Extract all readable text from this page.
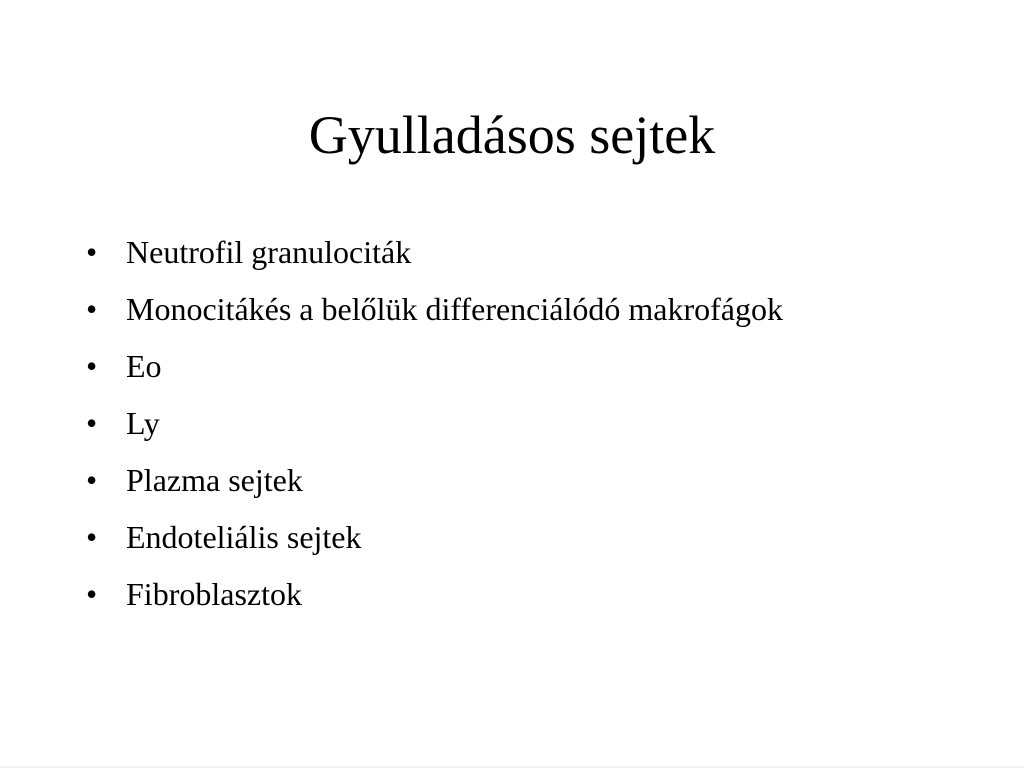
Gyulladásos sejtek
• Neutrofil granulociták
• Monocitákés a belőlük differenciálódó makrofágok
• Eo
• Ly
• Plazma sejtek
• Endoteliális sejtek
• Fibroblasztok
